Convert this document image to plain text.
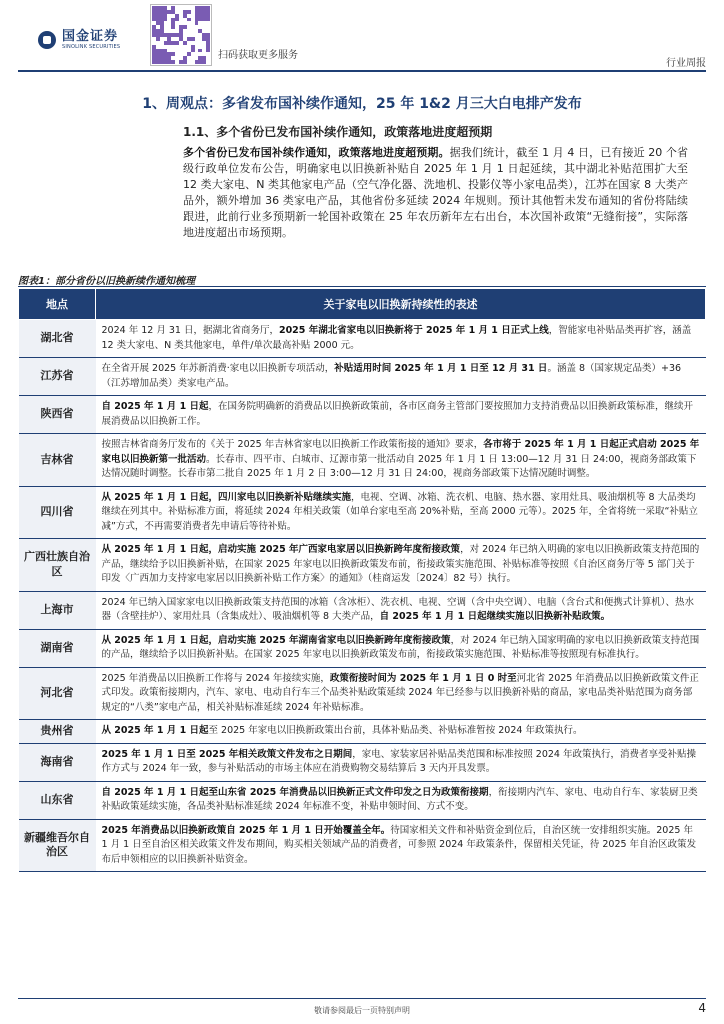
国金证券
SINOLINK SECURITIES
扫码获取更多服务
行业周报
1、周观点：多省发布国补续作通知，25 年 1&2 月三大白电排产发布
1.1、多个省份已发布国补续作通知，政策落地进度超预期
多个省份已发布国补续作通知，政策落地进度超预期。据我们统计，截至 1 月 4 日，已有接近 20 个省级行政单位发布公告，明确家电以旧换新补贴自 2025 年 1 月 1 日起延续，其中湖北补贴范围扩大至 12 类大家电、N 类其他家电产品（空气净化器、洗地机、投影仪等小家电品类），江苏在国家 8 大类产品外，额外增加 36 类家电产品，其他省份多延续 2024 年规则。预计其他暂未发布通知的省份将陆续跟进，此前行业多预期新一轮国补政策在 25 年农历新年左右出台，本次国补政策“无缝衔接”，实际落地进度超出市场预期。
图表1：部分省份以旧换新续作通知梳理
地点	关于家电以旧换新持续性的表述
湖北省	2024 年 12 月 31 日，据湖北省商务厅，2025 年湖北省家电以旧换新将于 2025 年 1 月 1 日正式上线，智能家电补贴品类再扩容，涵盖 12 类大家电、N 类其他家电，单件/单次最高补贴 2000 元。
江苏省	在全省开展 2025 年苏新消费·家电以旧换新专项活动，补贴适用时间 2025 年 1 月 1 日至 12 月 31 日。涵盖 8（国家规定品类）+36（江苏增加品类）类家电产品。
陕西省	自 2025 年 1 月 1 日起，在国务院明确新的消费品以旧换新政策前，各市区商务主管部门要按照加力支持消费品以旧换新政策标准，继续开展消费品以旧换新工作。
吉林省	按照吉林省商务厅发布的《关于 2025 年吉林省家电以旧换新工作政策衔接的通知》要求，各市将于 2025 年 1 月 1 日起正式启动 2025 年家电以旧换新第一批活动。长春市、四平市、白城市、辽源市第一批活动自 2025 年 1 月 1 日 13:00—12 月 31 日 24:00，视商务部政策下达情况随时调整。长春市第二批自 2025 年 1 月 2 日 3:00—12 月 31 日 24:00，视商务部政策下达情况随时调整。
四川省	从 2025 年 1 月 1 日起，四川家电以旧换新补贴继续实施，电视、空调、冰箱、洗衣机、电脑、热水器、家用灶具、吸油烟机等 8 大品类均继续在列其中。补贴标准方面，将延续 2024 年相关政策（如单台家电至高 20%补贴，至高 2000 元等）。2025 年，全省将统一采取“补贴立减”方式，不再需要消费者先申请后等待补贴。
广西壮族自治区	从 2025 年 1 月 1 日起，启动实施 2025 年广西家电家居以旧换新跨年度衔接政策，对 2024 年已纳入明确的家电以旧换新政策支持范围的产品，继续给予以旧换新补贴，在国家 2025 年家电以旧换新政策发布前，衔接政策实施范围、补贴标准等按照《自治区商务厅等 5 部门关于印发〈广西加力支持家电家居以旧换新补贴工作方案〉的通知》（桂商运发〔2024〕82 号）执行。
上海市	2024 年已纳入国家家电以旧换新政策支持范围的冰箱（含冰柜）、洗衣机、电视、空调（含中央空调）、电脑（含台式和便携式计算机）、热水器（含壁挂炉）、家用灶具（含集成灶）、吸油烟机等 8 大类产品，自 2025 年 1 月 1 日起继续实施以旧换新补贴政策。
湖南省	从 2025 年 1 月 1 日起，启动实施 2025 年湖南省家电以旧换新跨年度衔接政策，对 2024 年已纳入国家明确的家电以旧换新政策支持范围的产品，继续给予以旧换新补贴。在国家 2025 年家电以旧换新政策发布前，衔接政策实施范围、补贴标准等按照现有标准执行。
河北省	2025 年消费品以旧换新工作将与 2024 年接续实施，政策衔接时间为 2025 年 1 月 1 日 0 时至河北省 2025 年消费品以旧换新政策文件正式印发。政策衔接期内，汽车、家电、电动自行车三个品类补贴政策延续 2024 年已经参与以旧换新补贴的商品，家电品类补贴范围为商务部规定的“八类”家电产品，相关补贴标准延续 2024 年补贴标准。
贵州省	从 2025 年 1 月 1 日起至 2025 年家电以旧换新政策出台前，具体补贴品类、补贴标准暂按 2024 年政策执行。
海南省	2025 年 1 月 1 日至 2025 年相关政策文件发布之日期间，家电、家装家居补贴品类范围和标准按照 2024 年政策执行，消费者享受补贴操作方式与 2024 年一致，参与补贴活动的市场主体应在消费购物交易结算后 3 天内开具发票。
山东省	自 2025 年 1 月 1 日起至山东省 2025 年消费品以旧换新正式文件印发之日为政策衔接期，衔接期内汽车、家电、电动自行车、家装厨卫类补贴政策延续实施，各品类补贴标准延续 2024 年标准不变，补贴申领时间、方式不变。
新疆维吾尔自治区	2025 年消费品以旧换新政策自 2025 年 1 月 1 日开始覆盖全年。待国家相关文件和补贴资金到位后，自治区统一安排组织实施。2025 年 1 月 1 日至自治区相关政策文件发布期间，购买相关领域产品的消费者，可参照 2024 年政策条件，保留相关凭证，待 2025 年自治区政策发布后申领相应的以旧换新补贴资金。
敬请参阅最后一页特别声明	4
